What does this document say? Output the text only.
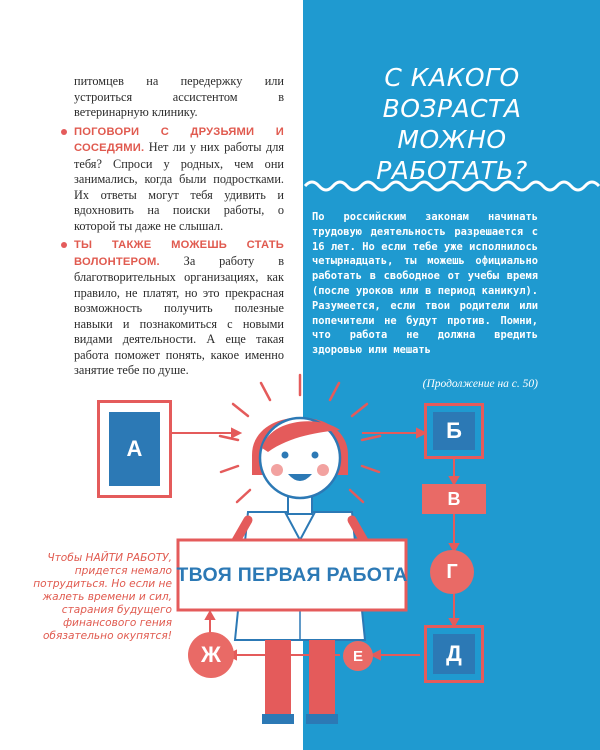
питомцев на передержку или устроиться ассистентом в ветеринарную клинику.

ПОГОВОРИ С ДРУЗЬЯМИ И СОСЕДЯМИ. Нет ли у них работы для тебя? Спроси у родных, чем они занимались, когда были подростками. Их ответы могут тебя удивить и вдохновить на поиски работы, о которой ты даже не слышал.

ТЫ ТАКЖЕ МОЖЕШЬ СТАТЬ ВОЛОНТЕРОМ. За работу в благотворительных организациях, как правило, не платят, но это прекрасная возможность получить полезные навыки и познакомиться с новыми видами деятельности. А еще такая работа поможет понять, какое именно занятие тебе по душе.

С КАКОГО
ВОЗРАСТА
МОЖНО
РАБОТАТЬ?
По российским законам начинать трудовую деятельность разрешается с 16 лет. Но если тебе уже исполнилось четырнадцать, ты можешь официально работать в свободное от учебы время (после уроков или в период каникул). Разумеется, если твои родители или попечители не будут против. Помни, что работа не должна вредить здоровью или мешать
(Продолжение на с. 50)
А
Б
В
Г
Д
Е
Ж
ТВОЯ ПЕРВАЯ РАБОТА
Чтобы НАЙТИ РАБОТУ, придется немало потрудиться. Но если не жалеть времени и сил, старания будущего финансового гения обязательно окупятся!
